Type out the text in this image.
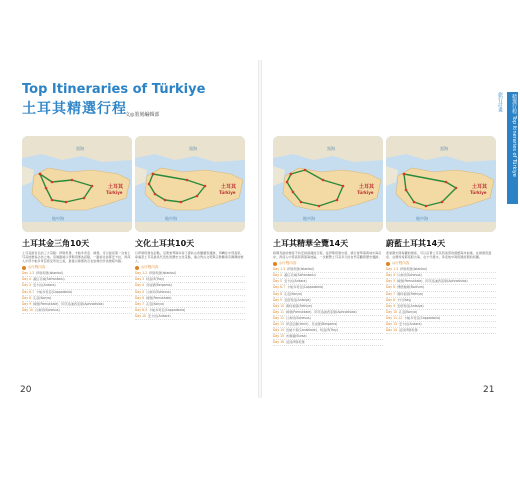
Top Itineraries of Türkiye
土耳其精選行程
文◎墨刻編輯部
土耳其
Türkiye
黑海
地中海
土耳其
Türkiye
黑海
地中海
土耳其
Türkiye
黑海
地中海
土耳其
Türkiye
黑海
地中海
土耳其金三角10天

土耳其最有名的三大景點：伊斯坦堡、卡帕多奇亞、棉堡，可以說是第一次來土耳其的旅客必訪之地。這條路線以伊斯坦堡為起點，一路前往首都安卡拉，再深入中部卡帕多奇亞感受奇岩之美，最後以棉堡的石灰岩梯田作為旅程句點。

◎行程內容
Day 1-3 伊斯坦堡(Istanbul)
Day 4 番紅花城(Safranbolu)
Day 5 安卡拉(Ankara)
Day 6-7 卡帕多奇亞(Cappadocia)
Day 8 孔亞(Konya)
Day 9 棉堡(Pamukkale)、阿芙洛迪西亞斯(Aphrodisias)
Day 10 以弗所(Ephesus)
文化土耳其10天

以伊斯坦堡為起點，沿著愛琴海岸南下探訪古希臘羅馬遺跡，再轉往中部高原，串連起土耳其最具代表性的歷史文化景點，適合對古文明與宗教藝術有興趣的旅人。

◎行程內容
Day 1-2 伊斯坦堡(Istanbul)
Day 3 特洛伊(Troy)
Day 4 貝加蒙(Bergama)
Day 5 以弗所(Ephesus)
Day 6 棉堡(Pamukkale)
Day 7 孔亞(Konya)
Day 8-9 卡帕多奇亞(Cappadocia)
Day 10 安卡拉(Ankara)
土耳其精華全覽14天

時間充裕的旅客不妨安排兩週的行程，從伊斯坦堡出發，繞行愛琴海與地中海沿岸，再深入中部高原與黑海地區，一次飽覽土耳其多元的自然景觀與歷史遺跡。

◎行程內容
Day 1-3 伊斯坦堡(Istanbul)
Day 4 番紅花城(Safranbolu)
Day 5 安卡拉(Ankara)
Day 6-7 卡帕多奇亞(Cappadocia)
Day 8 孔亞(Konya)
Day 9 安塔利亞(Antalya)
Day 10 費特希耶(Fethiye)
Day 11 棉堡(Pamukkale)、阿芙洛迪西亞斯(Aphrodisias)
Day 12 以弗所(Ephesus)
Day 13 伊茲密爾(Izmir)、貝加蒙(Bergama)
Day 14 恰納卡萊(Çanakkale)、特洛伊(Troy)
Day 15 布爾薩(Bursa)
Day 16 返回伊斯坦堡
蔚藍土耳其14天

喜愛陽光與海灘的旅客，可以沿著土耳其西南部的蔚藍海岸前進，在棉堡泡溫泉、在費特希耶搭船出海、在卡什潛水，享受地中海悠閒度假的氛圍。

◎行程內容
Day 1-3 伊斯坦堡(Istanbul)
Day 4 以弗所(Ephesus)
Day 5 棉堡(Pamukkale)、阿芙洛迪西亞斯(Aphrodisias)
Day 6 博德魯姆(Bodrum)
Day 7 費特希耶(Fethiye)
Day 8 卡什(Kaş)
Day 9 安塔利亞(Antalya)
Day 10 孔亞(Konya)
Day 11-12 卡帕多奇亞(Cappadocia)
Day 13 安卡拉(Ankara)
Day 14 返回伊斯坦堡
旅行計畫	精選行程 Top Itineraries of Türkiye
20	21
